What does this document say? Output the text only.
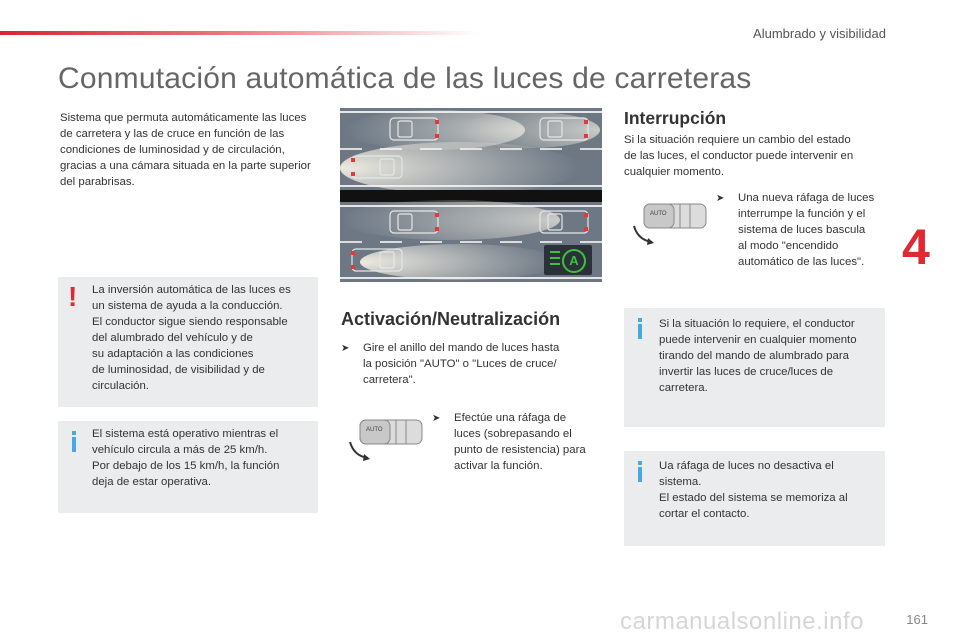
Alumbrado y visibilidad
Conmutación automática de las luces de carreteras
Sistema que permuta automáticamente las luces de carretera y las de cruce en función de las condiciones de luminosidad y de circulación, gracias a una cámara situada en la parte superior del parabrisas.
! La inversión automática de las luces es

un sistema de ayuda a la conducción.

El conductor sigue siendo responsable

del alumbrado del vehículo y de

su adaptación a las condiciones

de luminosidad, de visibilidad y de

circulación.

El sistema está operativo mientras el

vehículo circula a más de 25 km/h.

Por debajo de los 15 km/h, la función

deja de estar operativa.

A
Activación/Neutralización
➤ Gire el anillo del mando de luces hasta

la posición "AUTO" o "Luces de cruce/

carretera".

AUTO
➤ Efectúe una ráfaga de

luces (sobrepasando el

punto de resistencia) para

activar la función.

Interrupción

Si la situación requiere un cambio del estado

de las luces, el conductor puede intervenir en

cualquier momento.

AUTO
➤ Una nueva ráfaga de luces

interrumpe la función y el

sistema de luces bascula

al modo "encendido

automático de las luces". 4

Si la situación lo requiere, el conductor

puede intervenir en cualquier momento

tirando del mando de alumbrado para

invertir las luces de cruce/luces de

carretera.

Ua ráfaga de luces no desactiva el

sistema.

El estado del sistema se memoriza al

cortar el contacto.

carmanualsonline.info	161
